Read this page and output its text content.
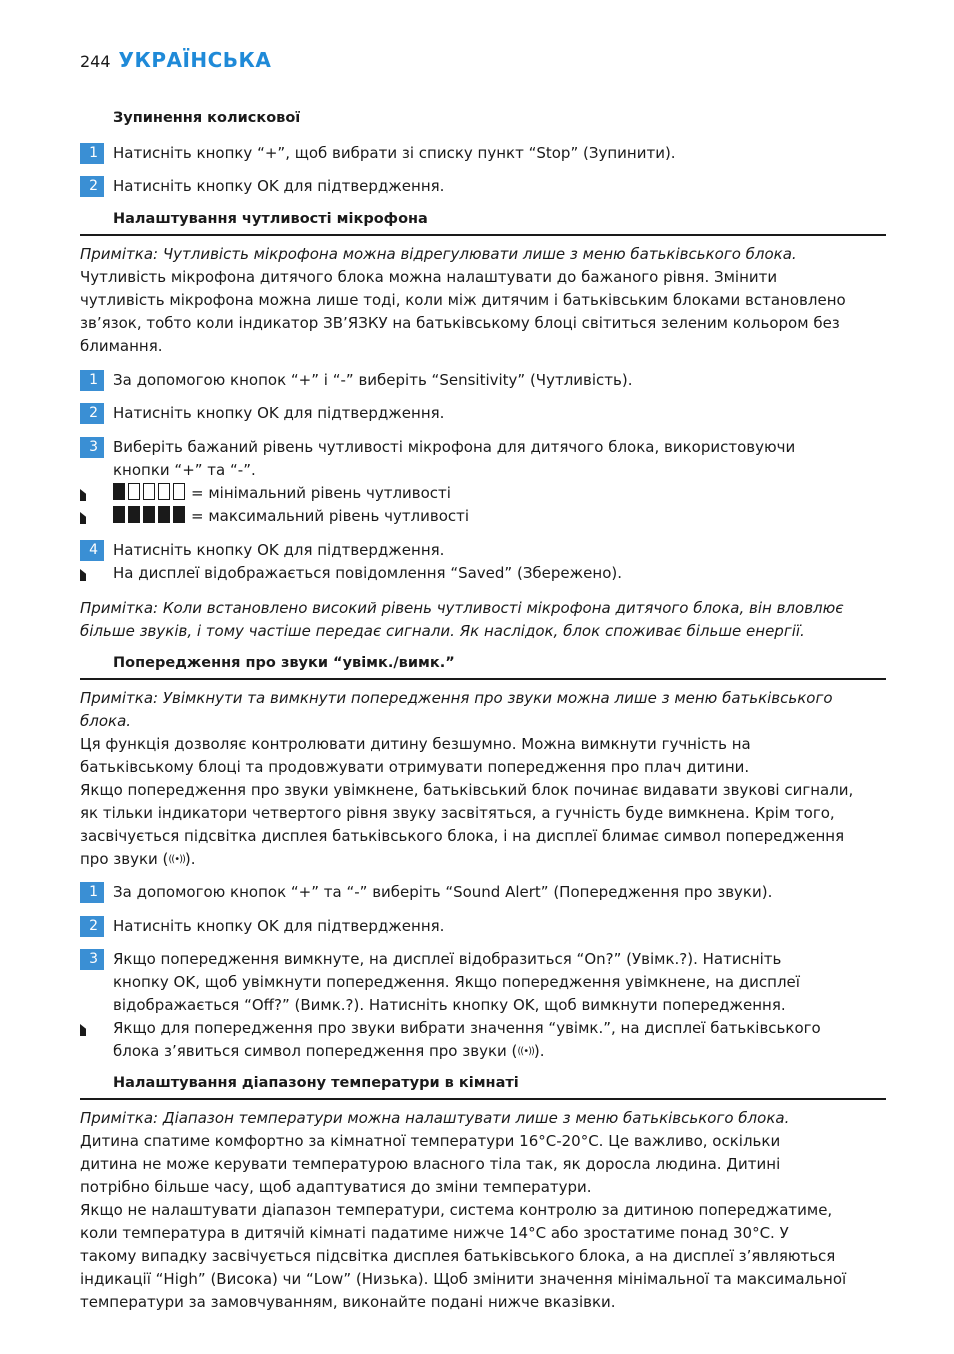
244 УКРАЇНСЬКА
Зупинення колискової
1	Натисніть кнопку “+”, щоб вибрати зі списку пункт “Stop” (Зупинити).
2	Натисніть кнопку OK для підтвердження.
Налаштування чутливості мікрофона
Примітка: Чутливість мікрофона можна відрегулювати лише з меню батьківського блока.
Чутливість мікрофона дитячого блока можна налаштувати до бажаного рівня. Змінити
чутливість мікрофона можна лише тоді, коли між дитячим і батьківським блоками встановлено
зв’язок, тобто коли індикатор ЗВ’ЯЗКУ на батьківському блоці світиться зеленим кольором без
блимання.
1	За допомогою кнопок “+” і “-” виберіть “Sensitivity” (Чутливість).
2	Натисніть кнопку OK для підтвердження.
3	Виберіть бажаний рівень чутливості мікрофона для дитячого блока, використовуючи
кнопки “+” та “-”.
= мінімальний рівень чутливості
= максимальний рівень чутливості
4	Натисніть кнопку OK для підтвердження.
На дисплеї відображається повідомлення “Saved” (Збережено).
Примітка: Коли встановлено високий рівень чутливості мікрофона дитячого блока, він вловлює
більше звуків, і тому частіше передає сигнали. Як наслідок, блок споживає більше енергії.
Попередження про звуки “увімк./вимк.”
Примітка: Увімкнути та вимкнути попередження про звуки можна лише з меню батьківського
блока.
Ця функція дозволяє контролювати дитину безшумно. Можна вимкнути гучність на
батьківському блоці та продовжувати отримувати попередження про плач дитини.
Якщо попередження про звуки увімкнене, батьківський блок починає видавати звукові сигнали,
як тільки індикатори четвертого рівня звуку засвітяться, а гучність буде вимкнена. Крім того,
засвічується підсвітка дисплея батьківського блока, і на дисплеї блимає символ попередження
про звуки (((•))).
1	За допомогою кнопок “+” та “-” виберіть “Sound Alert” (Попередження про звуки).
2	Натисніть кнопку OK для підтвердження.
3	Якщо попередження вимкнуте, на дисплеї відобразиться “On?” (Увімк.?). Натисніть
кнопку OK, щоб увімкнути попередження. Якщо попередження увімкнене, на дисплеї
відображається “Off?” (Вимк.?). Натисніть кнопку OK, щоб вимкнути попередження.
Якщо для попередження про звуки вибрати значення “увімк.”, на дисплеї батьківського
блока з’явиться символ попередження про звуки (((•))).
Налаштування діапазону температури в кімнаті
Примітка: Діапазон температури можна налаштувати лише з меню батьківського блока.
Дитина спатиме комфортно за кімнатної температури 16°C-20°C. Це важливо, оскільки
дитина не може керувати температурою власного тіла так, як доросла людина. Дитині
потрібно більше часу, щоб адаптуватися до зміни температури.
Якщо не налаштувати діапазон температури, система контролю за дитиною попереджатиме,
коли температура в дитячій кімнаті падатиме нижче 14°C або зростатиме понад 30°C. У
такому випадку засвічується підсвітка дисплея батьківського блока, а на дисплеї з’являються
індикації “High” (Висока) чи “Low” (Низька). Щоб змінити значення мінімальної та максимальної
температури за замовчуванням, виконайте подані нижче вказівки.
